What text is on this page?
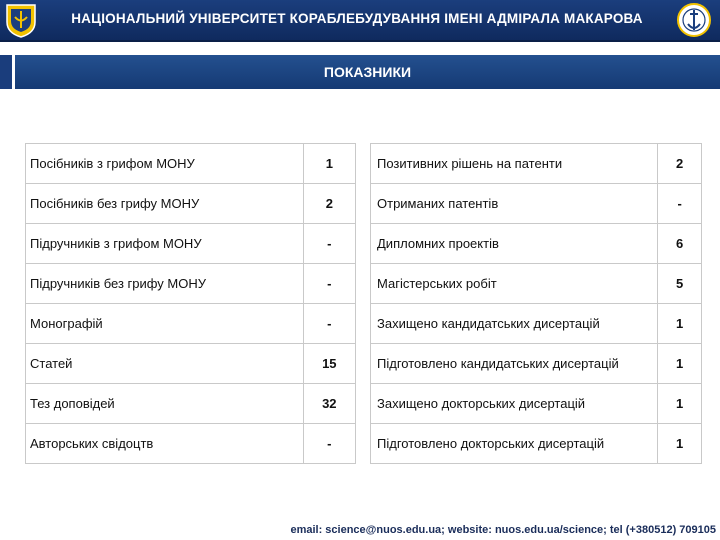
НАЦІОНАЛЬНИЙ УНІВЕРСИТЕТ КОРАБЛЕБУДУВАННЯ ІМЕНІ АДМІРАЛА МАКАРОВА
ПОКАЗНИКИ
Посібників з грифом МОНУ	1
Посібників без грифу МОНУ	2
Підручників з грифом МОНУ	-
Підручників без грифу МОНУ	-
Монографій	-
Статей	15
Тез доповідей	32
Авторських свідоцтв	-
Позитивних рішень на патенти	2
Отриманих патентів	-
Дипломних проектів	6
Магістерських робіт	5
Захищено кандидатських дисертацій	1
Підготовлено кандидатських дисертацій	1
Захищено докторських дисертацій	1
Підготовлено докторських дисертацій	1
email: science@nuos.edu.ua; website: nuos.edu.ua/science; tel (+380512) 709105
